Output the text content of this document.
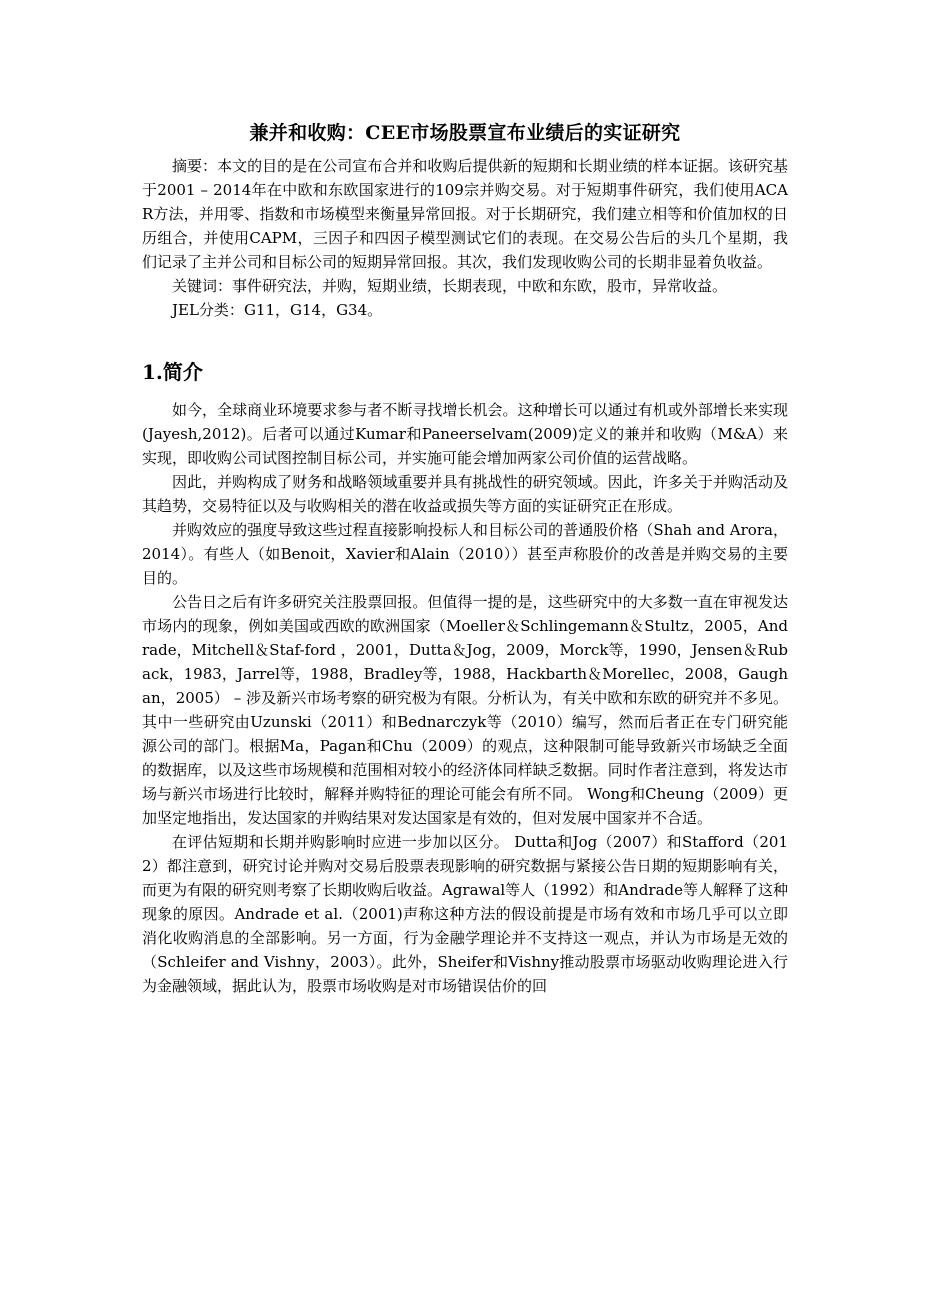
兼并和收购：CEE市场股票宣布业绩后的实证研究

摘要：本文的目的是在公司宣布合并和收购后提供新的短期和长期业绩的样本证据。该研究基于2001 – 2014年在中欧和东欧国家进行的109宗并购交易。对于短期事件研究，我们使用ACAR方法，并用零、指数和市场模型来衡量异常回报。对于长期研究，我们建立相等和价值加权的日历组合，并使用CAPM，三因子和四因子模型测试它们的表现。在交易公告后的头几个星期，我们记录了主并公司和目标公司的短期异常回报。其次，我们发现收购公司的长期非显着负收益。

关键词：事件研究法，并购，短期业绩，长期表现，中欧和东欧，股市，异常收益。

JEL分类：G11，G14，G34。

1.简介

如今，全球商业环境要求参与者不断寻找增长机会。这种增长可以通过有机或外部增长来实现(Jayesh,2012)。后者可以通过Kumar和Paneerselvam(2009)定义的兼并和收购（M&A）来实现，即收购公司试图控制目标公司，并实施可能会增加两家公司价值的运营战略。

因此，并购构成了财务和战略领域重要并具有挑战性的研究领域。因此，许多关于并购活动及其趋势，交易特征以及与收购相关的潜在收益或损失等方面的实证研究正在形成。

并购效应的强度导致这些过程直接影响投标人和目标公司的普通股价格（Shah and Arora，2014）。有些人（如Benoit，Xavier和Alain（2010））甚至声称股价的改善是并购交易的主要目的。

公告日之后有许多研究关注股票回报。但值得一提的是，这些研究中的大多数一直在审视发达市场内的现象，例如美国或西欧的欧洲国家（Moeller＆Schlingemann＆Stultz，2005，Andrade，Mitchell＆Staf-ford ，2001，Dutta＆Jog，2009，Morck等，1990，Jensen＆Ruback，1983，Jarrel等，1988，Bradley等，1988，Hackbarth＆Morellec，2008，Gaughan，2005） – 涉及新兴市场考察的研究极为有限。分析认为，有关中欧和东欧的研究并不多见。其中一些研究由Uzunski（2011）和Bednarczyk等（2010）编写，然而后者正在专门研究能源公司的部门。根据Ma，Pagan和Chu（2009）的观点，这种限制可能导致新兴市场缺乏全面的数据库，以及这些市场规模和范围相对较小的经济体同样缺乏数据。同时作者注意到，将发达市场与新兴市场进行比较时，解释并购特征的理论可能会有所不同。 Wong和Cheung（2009）更加坚定地指出，发达国家的并购结果对发达国家是有效的，但对发展中国家并不合适。

在评估短期和长期并购影响时应进一步加以区分。 Dutta和Jog（2007）和Stafford（2012）都注意到，研究讨论并购对交易后股票表现影响的研究数据与紧接公告日期的短期影响有关，而更为有限的研究则考察了长期收购后收益。Agrawal等人（1992）和Andrade等人解释了这种现象的原因。Andrade et al.（2001)声称这种方法的假设前提是市场有效和市场几乎可以立即消化收购消息的全部影响。另一方面，行为金融学理论并不支持这一观点，并认为市场是无效的（Schleifer and Vishny，2003）。此外，Sheifer和Vishny推动股票市场驱动收购理论进入行为金融领域，据此认为，股票市场收购是对市场错误估价的回
